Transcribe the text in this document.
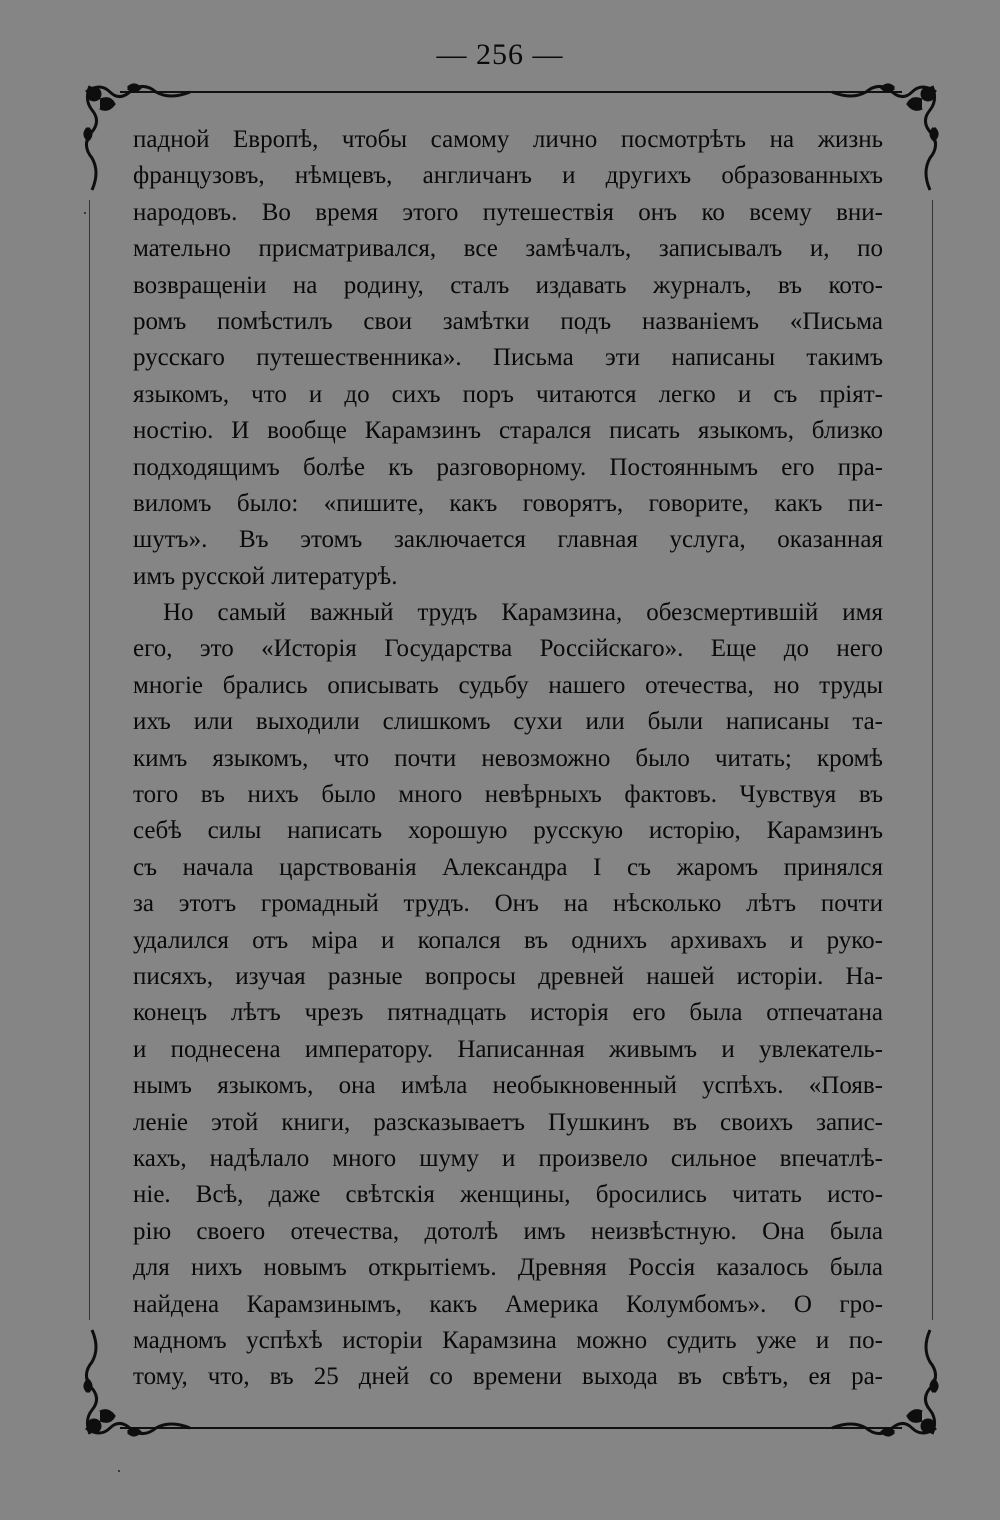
— 256 —
падной Европѣ, чтобы самому лично посмотрѣть на жизнь
французовъ, нѣмцевъ, англичанъ и другихъ образованныхъ
народовъ. Во время этого путешествія онъ ко всему вни-
мательно присматривался, все замѣчалъ, записывалъ и, по
возвращеніи на родину, сталъ издавать журналъ, въ кото-
ромъ помѣстилъ свои замѣтки подъ названіемъ «Письма
русскаго путешественника». Письма эти написаны такимъ
языкомъ, что и до сихъ поръ читаются легко и съ пріят-
ностію. И вообще Карамзинъ старался писать языкомъ, близко
подходящимъ болѣе къ разговорному. Постояннымъ его пра-
виломъ было: «пишите, какъ говорятъ, говорите, какъ пи-
шутъ». Въ этомъ заключается главная услуга, оказанная
имъ русской литературѣ.
Но самый важный трудъ Карамзина, обезсмертившій имя
его, это «Исторія Государства Россійскаго». Еще до него
многіе брались описывать судьбу нашего отечества, но труды
ихъ или выходили слишкомъ сухи или были написаны та-
кимъ языкомъ, что почти невозможно было читать; кромѣ
того въ нихъ было много невѣрныхъ фактовъ. Чувствуя въ
себѣ силы написать хорошую русскую исторію, Карамзинъ
съ начала царствованія Александра I съ жаромъ принялся
за этотъ громадный трудъ. Онъ на нѣсколько лѣтъ почти
удалился отъ міра и копался въ однихъ архивахъ и руко-
писяхъ, изучая разные вопросы древней нашей исторіи. На-
конецъ лѣтъ чрезъ пятнадцать исторія его была отпечатана
и поднесена императору. Написанная живымъ и увлекатель-
нымъ языкомъ, она имѣла необыкновенный успѣхъ. «Появ-
леніе этой книги, разсказываетъ Пушкинъ въ своихъ запис-
кахъ, надѣлало много шуму и произвело сильное впечатлѣ-
ніе. Всѣ, даже свѣтскія женщины, бросились читать исто-
рію своего отечества, дотолѣ имъ неизвѣстную. Она была
для нихъ новымъ открытіемъ. Древняя Россія казалось была
найдена Карамзинымъ, какъ Америка Колумбомъ». О гро-
мадномъ успѣхѣ исторіи Карамзина можно судить уже и по-
тому, что, въ 25 дней со времени выхода въ свѣтъ, ея ра-
